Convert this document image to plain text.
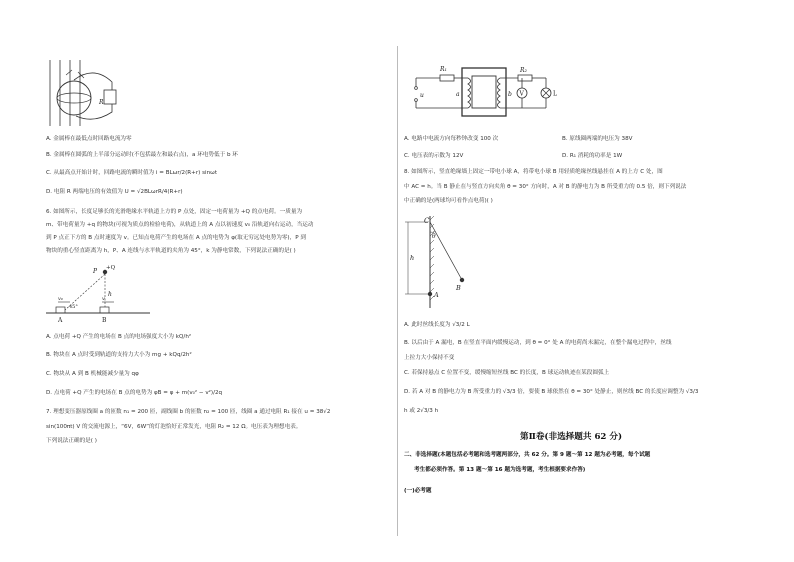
R
A. 金属棒在最低点时回路电流为零
B. 金属棒在圆弧的上半部分运动时(不包括最左和最右点)，a 环电势低于 b 环
C. 从最高点开始计时，回路电流的瞬时值为 i = BLωr/2(R+r) sinωt
D. 电阻 R 两端电压的有效值为 U = √2BLωrR/4(R+r)
6. 如图所示，长度足够长的光滑绝缘水平轨道上方的 P 点处，固定一电荷量为 +Q 的点电荷。一质量为
m、带电荷量为 +q 的物块(可视为质点的检验电荷)，从轨道上的 A 点以初速度 v₀ 沿轨道向右运动，当运动
到 P 点正下方的 B 点时速度为 v。已知点电荷产生的电场在 A 点的电势为 φ(取无穷远处电势为零)，P 到
物块的重心竖直距离为 h，P、A 连线与水平轨道的夹角为 45°，k 为静电常数，下列说法正确的是( )
P +Q
h
45°
v₀	v
A	B
A. 点电荷 +Q 产生的电场在 B 点的电场强度大小为 kQ/h²
B. 物块在 A 点时受到轨道的支持力大小为 mg + kQq/2h²
C. 物块从 A 到 B 机械能减少量为 qφ
D. 点电荷 +Q 产生的电场在 B 点的电势为 φB = φ + m(v₀² − v²)/2q
7. 理想变压器原线圈 a 的匝数 n₁ = 200 匝，副线圈 b 的匝数 n₂ = 100 匝，线圈 a 通过电阻 R₁ 接在 u = 38√2
sin(100πt) V 的交流电源上，“6V，6W”的灯泡恰好正常发光，电阻 R₂ = 12 Ω。电压表为理想电表。
下列说法正确的是( )
R₁
u	a	b
R₂
V	L
A. 电路中电流方向每秒钟改变 100 次	B. 原线圈两端的电压为 38V
C. 电压表的示数为 12V	D. R₁ 消耗的功率是 1W
8. 如图所示，竖直绝缘墙上固定一带电小球 A，将带电小球 B 用轻质绝缘丝线悬挂在 A 的上方 C 处，图
中 AC = h。当 B 静止在与竖直方向夹角 θ = 30° 方向时，A 对 B 的静电力为 B 所受重力的 0.5 倍，则下列说法
中正确的是(两球均可看作点电荷)( )
C
θ
B
A
h
A. 此时丝线长度为 √3/2 L
B. 以后由于 A 漏电，B 在竖直平面内缓慢运动，到 θ = 0° 处 A 的电荷尚未漏完，在整个漏电过程中，丝线
上拉力大小保持不变
C. 若保持悬点 C 位置不变，缓慢缩短丝线 BC 的长度，B 球运动轨迹在某段圆弧上
D. 若 A 对 B 的静电力为 B 所受重力的 √3/3 倍，要使 B 球依然在 θ = 30° 处静止，则丝线 BC 的长度应调整为 √3/3
h 或 2√3/3 h
第Ⅱ卷(非选择题共 62 分)
二、非选择题(本题包括必考题和选考题两部分，共 62 分。第 9 题～第 12 题为必考题，每个试题
考生都必须作答。第 13 题～第 16 题为选考题，考生根据要求作答)
(一)必考题
